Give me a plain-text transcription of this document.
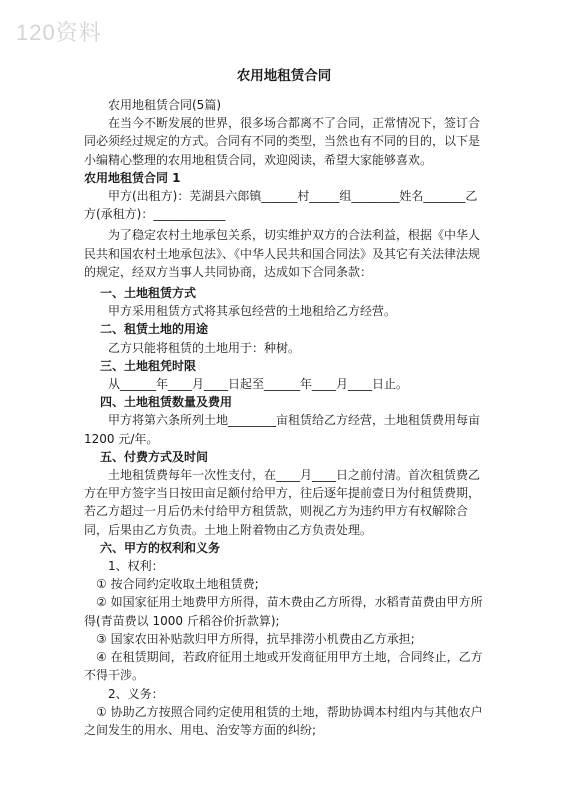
120资料

农用地租赁合同

农用地租赁合同(5篇)

在当今不断发展的世界，很多场合都离不了合同，正常情况下，签订合同必须经过规定的方式。合同有不同的类型，当然也有不同的目的，以下是小编精心整理的农用地租赁合同，欢迎阅读，希望大家能够喜欢。

农用地租赁合同 1

甲方(出租方)：芜湖县六郎镇______村_____组________姓名_______乙方(承租方)：____________

为了稳定农村土地承包关系，切实维护双方的合法利益，根据《中华人民共和国农村土地承包法》、《中华人民共和国合同法》及其它有关法律法规的规定，经双方当事人共同协商，达成如下合同条款：

一、土地租赁方式

甲方采用租赁方式将其承包经营的土地租给乙方经营。

二、租赁土地的用途

乙方只能将租赁的土地用于：种树。

三、土地租凭时限

从______年____月____日起至______年____月____日止。

四、土地租赁数量及费用

甲方将第六条所列土地________亩租赁给乙方经营，土地租赁费用每亩 1200 元/年。

五、付费方式及时间

土地租赁费每年一次性支付，在____月____日之前付清。首次租赁费乙方在甲方签字当日按田亩足额付给甲方，往后逐年提前壹日为付租赁费期，若乙方超过一月后仍未付给甲方租赁款，则视乙方为违约甲方有权解除合同，后果由乙方负责。土地上附着物由乙方负责处理。

六、甲方的权利和义务

1、权利：

① 按合同约定收取土地租赁费;

② 如国家征用土地费甲方所得，苗木费由乙方所得，水稻青苗费由甲方所得(青苗费以 1000 斤稻谷价折款算);

③ 国家农田补贴款归甲方所得，抗旱排涝小机费由乙方承担;

④ 在租赁期间，若政府征用土地或开发商征用甲方土地，合同终止，乙方不得干涉。

2、义务：

① 协助乙方按照合同约定使用租赁的土地，帮助协调本村组内与其他农户之间发生的用水、用电、治安等方面的纠纷;
